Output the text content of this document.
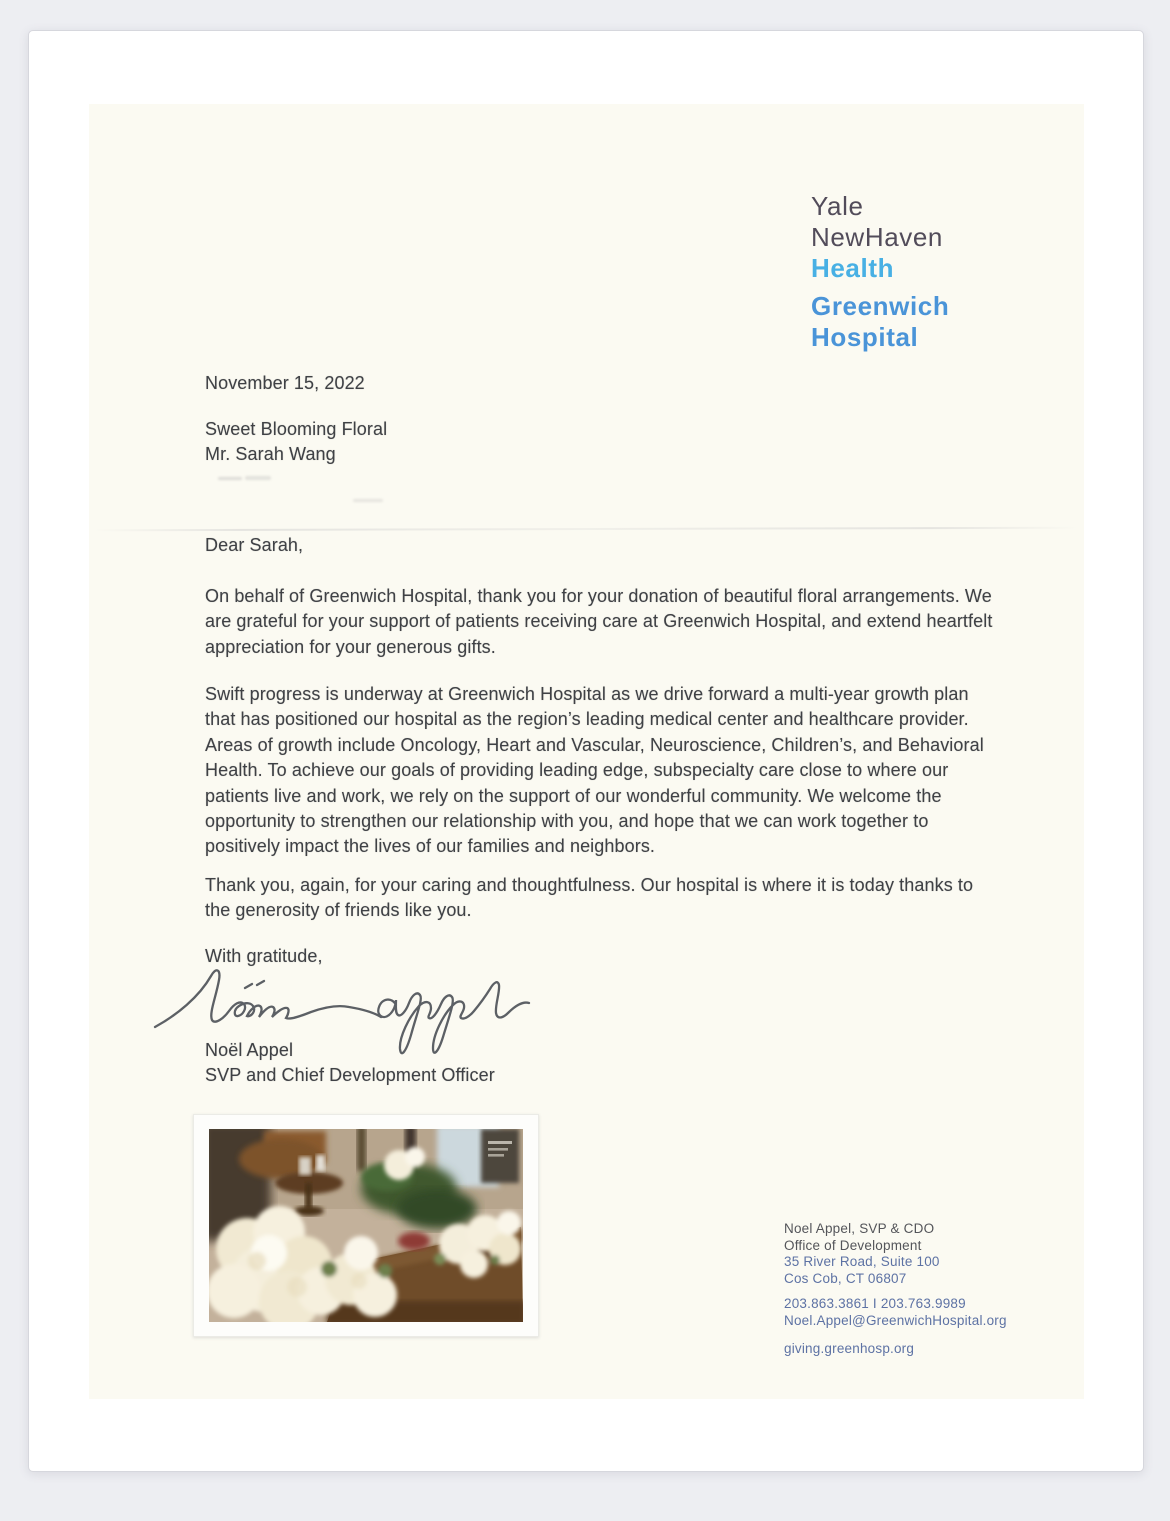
Yale
NewHaven
Health
Greenwich
Hospital
November 15, 2022
Sweet Blooming Floral
Mr. Sarah Wang
Dear Sarah,

On behalf of Greenwich Hospital, thank you for your donation of beautiful floral arrangements. We are grateful for your support of patients receiving care at Greenwich Hospital, and extend heartfelt appreciation for your generous gifts.

Swift progress is underway at Greenwich Hospital as we drive forward a multi-year growth plan that has positioned our hospital as the region’s leading medical center and healthcare provider. Areas of growth include Oncology, Heart and Vascular, Neuroscience, Children’s, and Behavioral Health. To achieve our goals of providing leading edge, subspecialty care close to where our patients live and work, we rely on the support of our wonderful community. We welcome the opportunity to strengthen our relationship with you, and hope that we can work together to positively impact the lives of our families and neighbors.

Thank you, again, for your caring and thoughtfulness. Our hospital is where it is today thanks to the generosity of friends like you.

With gratitude,
Noël Appel
SVP and Chief Development Officer
Noel Appel, SVP & CDO
Office of Development
35 River Road, Suite 100
Cos Cob, CT 06807
203.863.3861 I 203.763.9989
Noel.Appel@GreenwichHospital.org
giving.greenhosp.org
